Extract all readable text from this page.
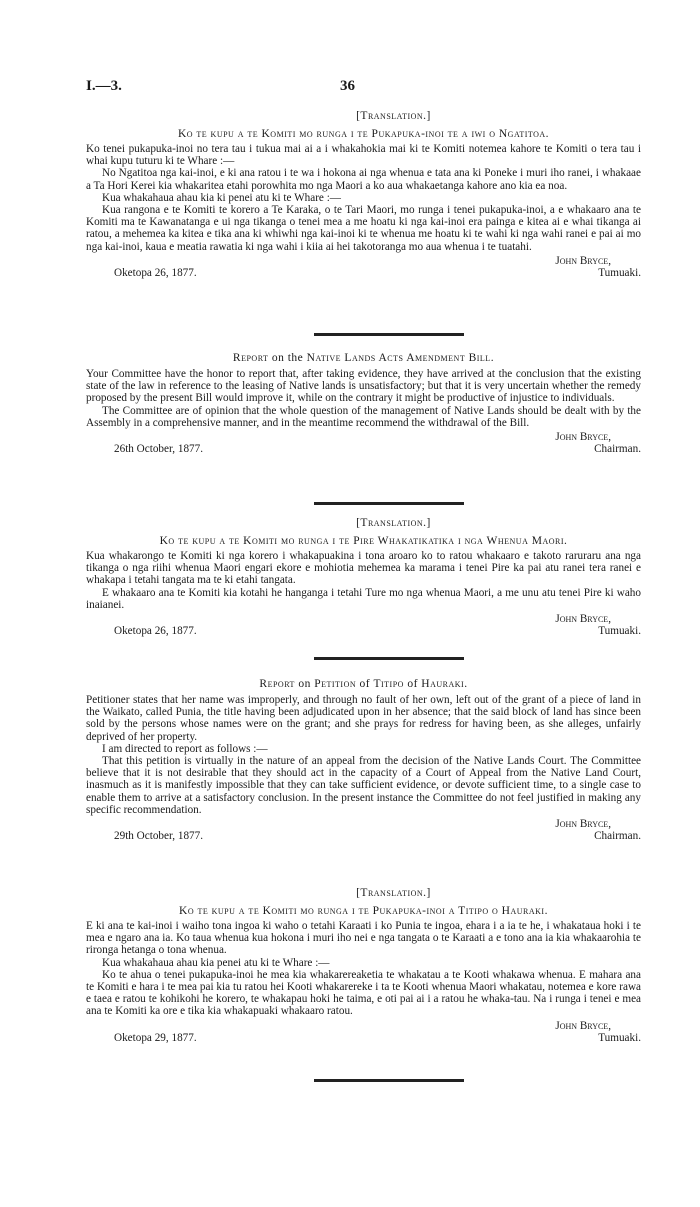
I.—3.	36

[Translation.]

Ko te kupu a te Komiti mo runga i te Pukapuka-inoi te a iwi o Ngatitoa.

Ko tenei pukapuka-inoi no tera tau i tukua mai ai a i whakahokia mai ki te Komiti notemea kahore te Komiti o tera tau i whai kupu tuturu ki te Whare :—

No Ngatitoa nga kai-inoi, e ki ana ratou i te wa i hokona ai nga whenua e tata ana ki Poneke i muri iho ranei, i whakaae a Ta Hori Kerei kia whakaritea etahi porowhita mo nga Maori a ko aua whakaetanga kahore ano kia ea noa.

Kua whakahaua ahau kia ki penei atu ki te Whare :—

Kua rangona e te Komiti te korero a Te Karaka, o te Tari Maori, mo runga i tenei pukapuka-inoi, a e whakaaro ana te Komiti ma te Kawanatanga e ui nga tikanga o tenei mea a me hoatu ki nga kai-inoi era painga e kitea ai e whai tikanga ai ratou, a mehemea ka kitea e tika ana ki whiwhi nga kai-inoi ki te whenua me hoatu ki te wahi ki nga wahi ranei e pai ai mo nga kai-inoi, kaua e meatia rawatia ki nga wahi i kiia ai hei takotoranga mo aua whenua i te tuatahi.

Oketopa 26, 1877.
John Bryce,
Tumuaki.

Report on the Native Lands Acts Amendment Bill.

Your Committee have the honor to report that, after taking evidence, they have arrived at the conclusion that the existing state of the law in reference to the leasing of Native lands is unsatisfactory; but that it is very uncertain whether the remedy proposed by the present Bill would improve it, while on the contrary it might be productive of injustice to individuals.

The Committee are of opinion that the whole question of the management of Native Lands should be dealt with by the Assembly in a comprehensive manner, and in the meantime recommend the withdrawal of the Bill.

26th October, 1877.
John Bryce,
Chairman.

[Translation.]

Ko te kupu a te Komiti mo runga i te Pire Whakatikatika i nga Whenua Maori.

Kua whakarongo te Komiti ki nga korero i whakapuakina i tona aroaro ko to ratou whakaaro e takoto raruraru ana nga tikanga o nga riihi whenua Maori engari ekore e mohiotia mehemea ka marama i tenei Pire ka pai atu ranei tera ranei e whakapa i tetahi tangata ma te ki etahi tangata.

E whakaaro ana te Komiti kia kotahi he hanganga i tetahi Ture mo nga whenua Maori, a me unu atu tenei Pire ki waho inaianei.

Oketopa 26, 1877.
John Bryce,
Tumuaki.

Report on Petition of Titipo of Hauraki.

Petitioner states that her name was improperly, and through no fault of her own, left out of the grant of a piece of land in the Waikato, called Punia, the title having been adjudicated upon in her absence; that the said block of land has since been sold by the persons whose names were on the grant; and she prays for redress for having been, as she alleges, unfairly deprived of her property.

I am directed to report as follows :—

That this petition is virtually in the nature of an appeal from the decision of the Native Lands Court. The Committee believe that it is not desirable that they should act in the capacity of a Court of Appeal from the Native Land Court, inasmuch as it is manifestly impossible that they can take sufficient evidence, or devote sufficient time, to a single case to enable them to arrive at a satisfactory conclusion. In the present instance the Committee do not feel justified in making any specific recommendation.

29th October, 1877.
John Bryce,
Chairman.

[Translation.]

Ko te kupu a te Komiti mo runga i te Pukapuka-inoi a Titipo o Hauraki.

E ki ana te kai-inoi i waiho tona ingoa ki waho o tetahi Karaati i ko Punia te ingoa, ehara i a ia te he, i whakataua hoki i te mea e ngaro ana ia. Ko taua whenua kua hokona i muri iho nei e nga tangata o te Karaati a e tono ana ia kia whakaarohia te rironga hetanga o tona whenua.

Kua whakahaua ahau kia penei atu ki te Whare :—

Ko te ahua o tenei pukapuka-inoi he mea kia whakarereaketia te whakatau a te Kooti whakawa whenua. E mahara ana te Komiti e hara i te mea pai kia tu ratou hei Kooti whakarereke i ta te Kooti whenua Maori whakatau, notemea e kore rawa e taea e ratou te kohikohi he korero, te whakapau hoki he taima, e oti pai ai i a ratou he whaka-tau. Na i runga i tenei e mea ana te Komiti ka ore e tika kia whakapuaki whakaaro ratou.

Oketopa 29, 1877.
John Bryce,
Tumuaki.
